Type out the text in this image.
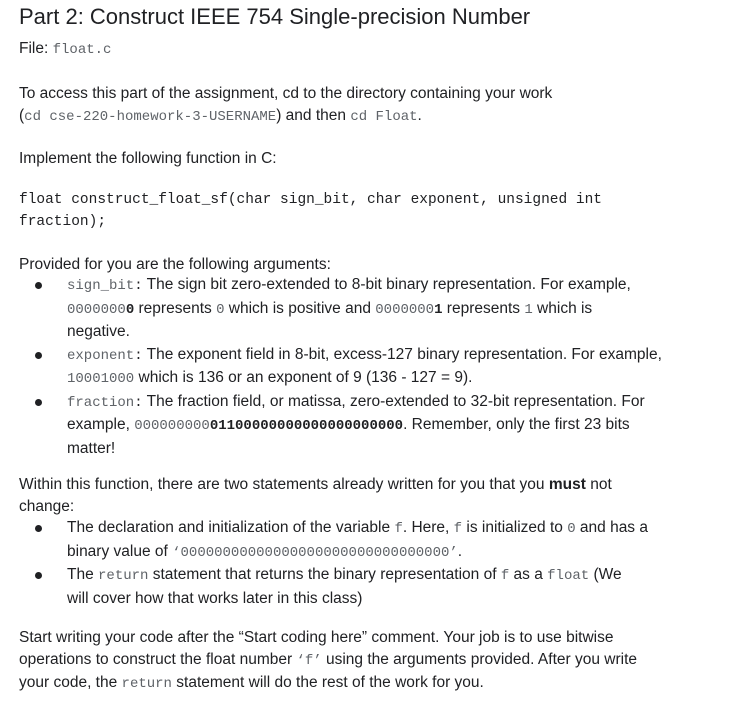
Part 2: Construct IEEE 754 Single-precision Number
File: float.c
To access this part of the assignment, cd to the directory containing your work
(cd cse-220-homework-3-USERNAME) and then cd Float.
Implement the following function in C:
float construct_float_sf(char sign_bit, char exponent, unsigned int
fraction);
Provided for you are the following arguments:
sign_bit: The sign bit zero-extended to 8-bit binary representation. For example,
00000000 represents 0 which is positive and 00000001 represents 1 which is
negative.
exponent: The exponent field in 8-bit, excess-127 binary representation. For example,
10001000 which is 136 or an exponent of 9 (136 - 127 = 9).
fraction: The fraction field, or matissa, zero-extended to 32-bit representation. For
example, 00000000001100000000000000000000. Remember, only the first 23 bits
matter!
Within this function, there are two statements already written for you that you must not
change:
The declaration and initialization of the variable f. Here, f is initialized to 0 and has a
binary value of ‘00000000000000000000000000000000’.
The return statement that returns the binary representation of f as a float (We
will cover how that works later in this class)
Start writing your code after the “Start coding here” comment. Your job is to use bitwise
operations to construct the float number ‘f’ using the arguments provided. After you write
your code, the return statement will do the rest of the work for you.
